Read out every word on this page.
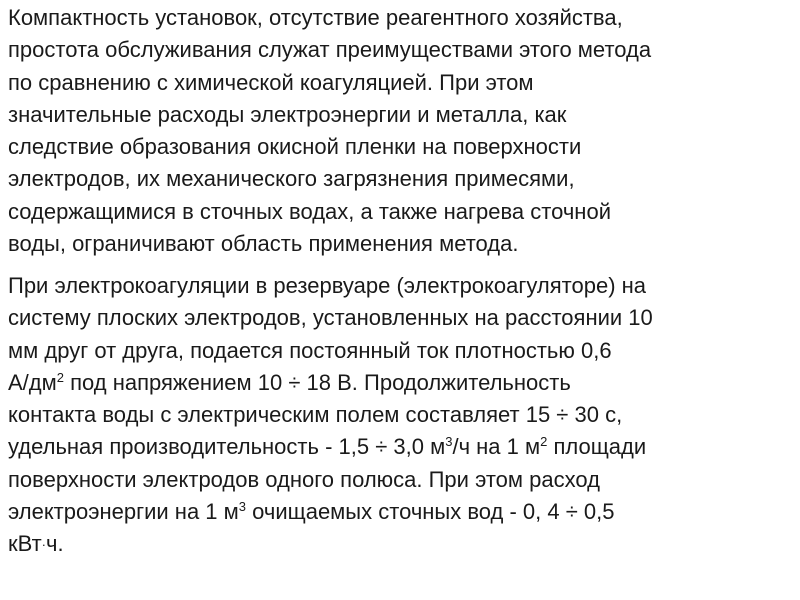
Компактность установок, отсутствие реагентного хозяйства,
простота обслуживания служат преимуществами этого метода
по сравнению с химической коагуляцией. При этом
значительные расходы электроэнергии и металла, как
следствие образования окисной пленки на поверхности
электродов, их механического загрязнения примесями,
содержащимися в сточных водах, а также нагрева сточной
воды, ограничивают область применения метода.

При электрокоагуляции в резервуаре (электрокоагуляторе) на
систему плоских электродов, установленных на расстоянии 10
мм друг от друга, подается постоянный ток плотностью 0,6
$А/дм^2$ под напряжением 10 ÷ 18 В. Продолжительность
контакта воды с электрическим полем составляет 15 ÷ 30 с,
удельная производительность - 1,5 ÷ 3,0 $м^3/ч$ на 1 $м^2$ площади
поверхности электродов одного полюса. При этом расход
электроэнергии на 1 $м^3$ очищаемых сточных вод - 0, 4 ÷ 0,5
кВт·ч.
